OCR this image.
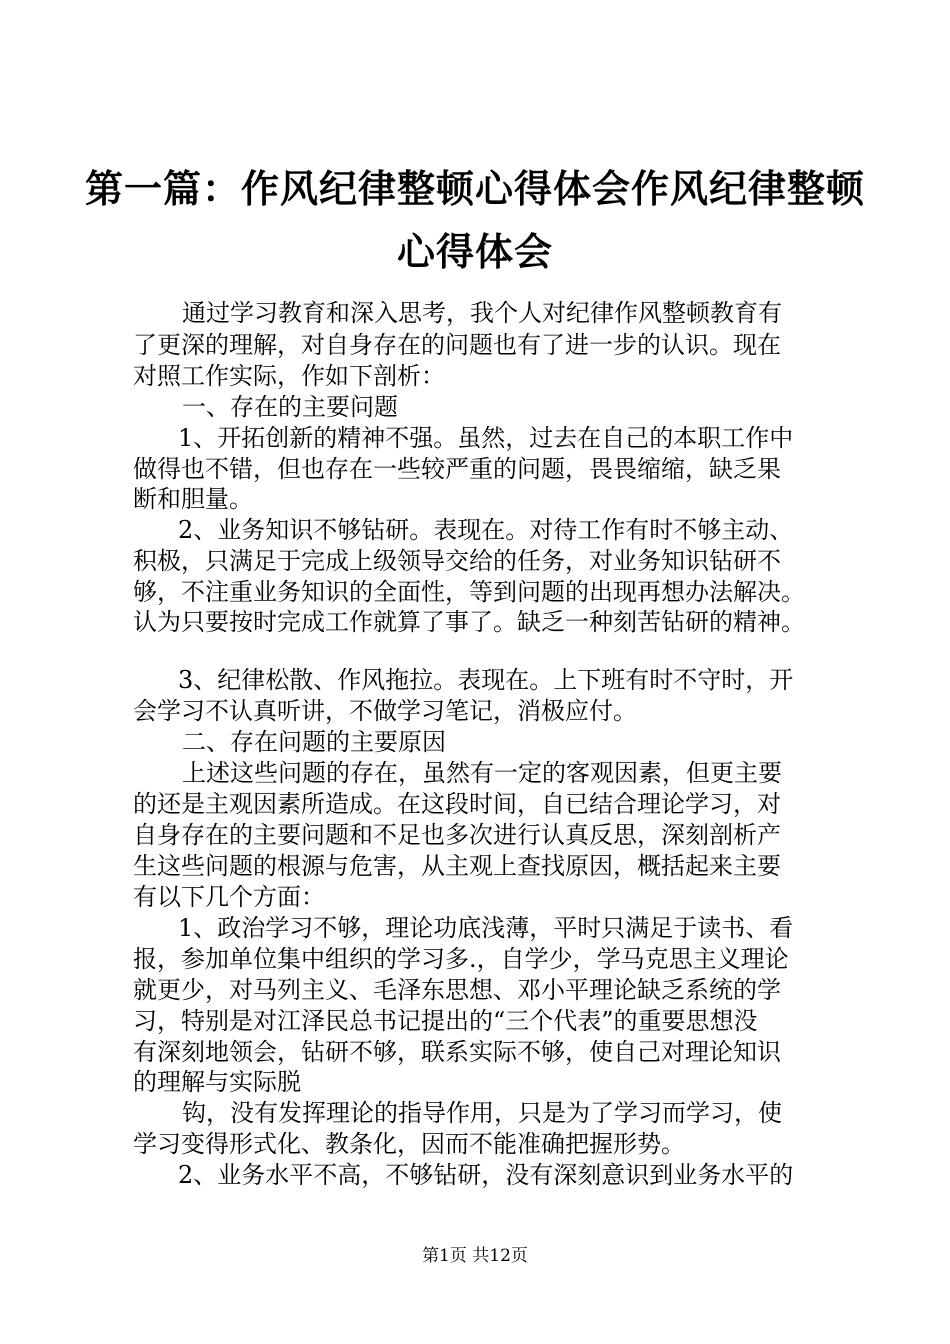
第一篇：作风纪律整顿心得体会作风纪律整顿
心得体会

通过学习教育和深入思考，我个人对纪律作风整顿教育有

了更深的理解，对自身存在的问题也有了进一步的认识。现在

对照工作实际，作如下剖析：

一、存在的主要问题

1、开拓创新的精神不强。虽然，过去在自己的本职工作中

做得也不错，但也存在一些较严重的问题，畏畏缩缩，缺乏果

断和胆量。

2、业务知识不够钻研。表现在。对待工作有时不够主动、

积极，只满足于完成上级领导交给的任务，对业务知识钻研不

够，不注重业务知识的全面性，等到问题的出现再想办法解决。

认为只要按时完成工作就算了事了。缺乏一种刻苦钻研的精神。

3、纪律松散、作风拖拉。表现在。上下班有时不守时，开

会学习不认真听讲，不做学习笔记，消极应付。

二、存在问题的主要原因

上述这些问题的存在，虽然有一定的客观因素，但更主要

的还是主观因素所造成。在这段时间，自已结合理论学习，对

自身存在的主要问题和不足也多次进行认真反思，深刻剖析产

生这些问题的根源与危害，从主观上查找原因，概括起来主要

有以下几个方面：

1、政治学习不够，理论功底浅薄，平时只满足于读书、看

报，参加单位集中组织的学习多.，自学少，学马克思主义理论

就更少，对马列主义、毛泽东思想、邓小平理论缺乏系统的学

习，特别是对江泽民总书记提出的“三个代表”的重要思想没

有深刻地领会，钻研不够，联系实际不够，使自己对理论知识

的理解与实际脱

钩，没有发挥理论的指导作用，只是为了学习而学习，使

学习变得形式化、教条化，因而不能准确把握形势。

2、业务水平不高，不够钻研，没有深刻意识到业务水平的

第1页 共12页
